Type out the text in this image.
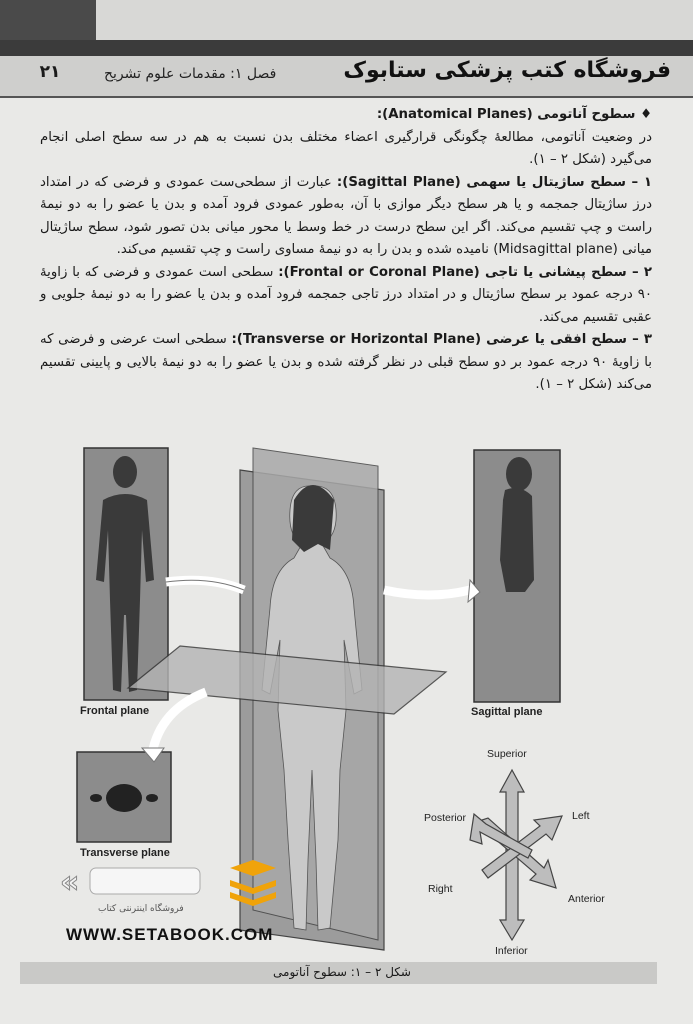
فروشگاه کتب پزشکی ستابوک
فصل ۱: مقدمات علوم تشریح
۲۱
♦ سطوح آناتومی (Anatomical Planes):
در وضعیت آناتومی، مطالعهٔ چگونگی قرارگیری اعضاء مختلف بدن نسبت به هم در سه سطح اصلی انجام می‌گیرد (شکل ۲ – ۱).
۱ – سطح ساژیتال یا سهمی (Sagittal Plane): عبارت از سطحی‌ست عمودی و فرضی که در امتداد درز ساژیتال جمجمه و یا هر سطح دیگر موازی با آن، به‌طور عمودی فرود آمده و بدن یا عضو را به دو نیمهٔ راست و چپ تقسیم می‌کند. اگر این سطح درست در خط وسط یا محور میانی بدن تصور شود، سطح ساژیتال میانی (Midsagittal plane) نامیده شده و بدن را به دو نیمهٔ مساوی راست و چپ تقسیم می‌کند.
۲ – سطح پیشانی یا تاجی (Frontal or Coronal Plane): سطحی است عمودی و فرضی که با زاویهٔ ۹۰ درجه عمود بر سطح ساژیتال و در امتداد درز تاجی جمجمه فرود آمده و بدن یا عضو را به دو نیمهٔ جلویی و عقبی تقسیم می‌کند.
۳ – سطح افقی یا عرضی (Transverse or Horizontal Plane): سطحی است عرضی و فرضی که با زاویهٔ ۹۰ درجه عمود بر دو سطح قبلی در نظر گرفته شده و بدن یا عضو را به دو نیمهٔ بالایی و پایینی تقسیم می‌کند (شکل ۲ – ۱).
Frontal plane	Sagittal plane
Transverse plane
Superior
Posterior	Left
Right
Anterior
Inferior
«
فروشگاه اینترنتی کتاب
WWW.SETABOOK.COM
شکل ۲ – ۱: سطوح آناتومی
